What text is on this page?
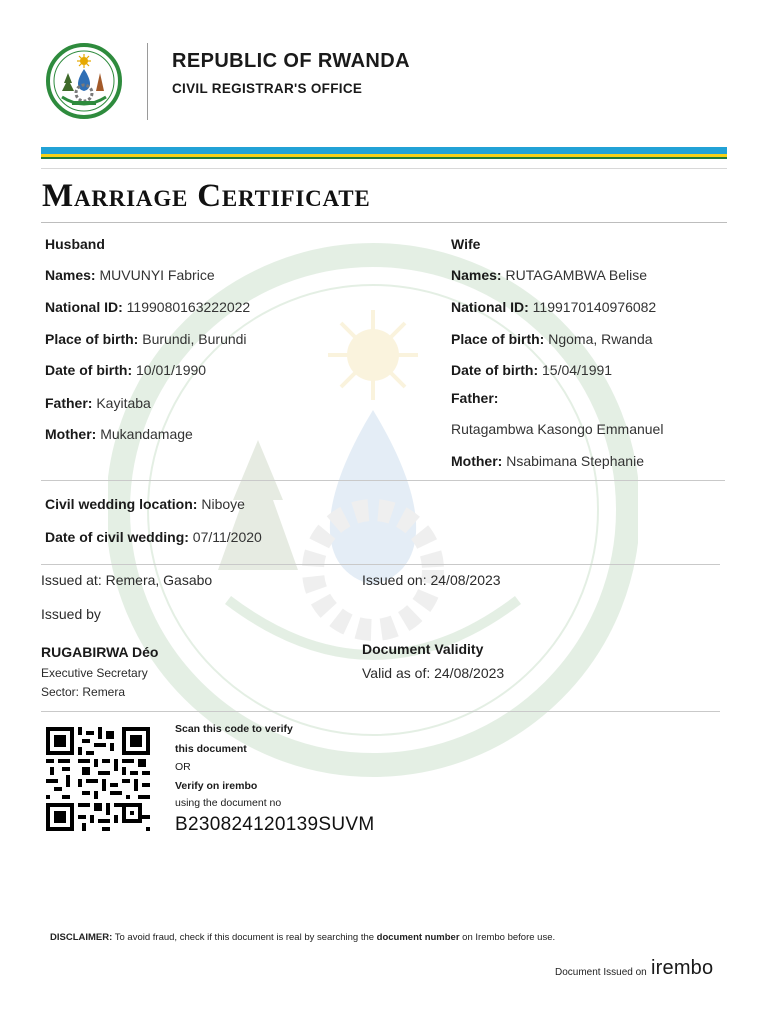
REPUBLIC OF RWANDA
CIVIL REGISTRAR'S OFFICE
Marriage Certificate
Husband
Names: MUVUNYI Fabrice
National ID: 1199080163222022
Place of birth: Burundi, Burundi
Date of birth: 10/01/1990
Father: Kayitaba
Mother: Mukandamage
Wife
Names: RUTAGAMBWA Belise
National ID: 1199170140976082
Place of birth: Ngoma, Rwanda
Date of birth: 15/04/1991
Father:
Rutagambwa Kasongo Emmanuel
Mother: Nsabimana Stephanie
Civil wedding location: Niboye
Date of civil wedding: 07/11/2020
Issued at: Remera, Gasabo	Issued on: 24/08/2023
Issued by
RUGABIRWA Déo
Executive Secretary
Sector: Remera
Document Validity
Valid as of: 24/08/2023
Scan this code to verify
this document
OR
Verify on irembo
using the document no
B230824120139SUVM
DISCLAIMER: To avoid fraud, check if this document is real by searching the document number on Irembo before use.
Document Issued on irembo
